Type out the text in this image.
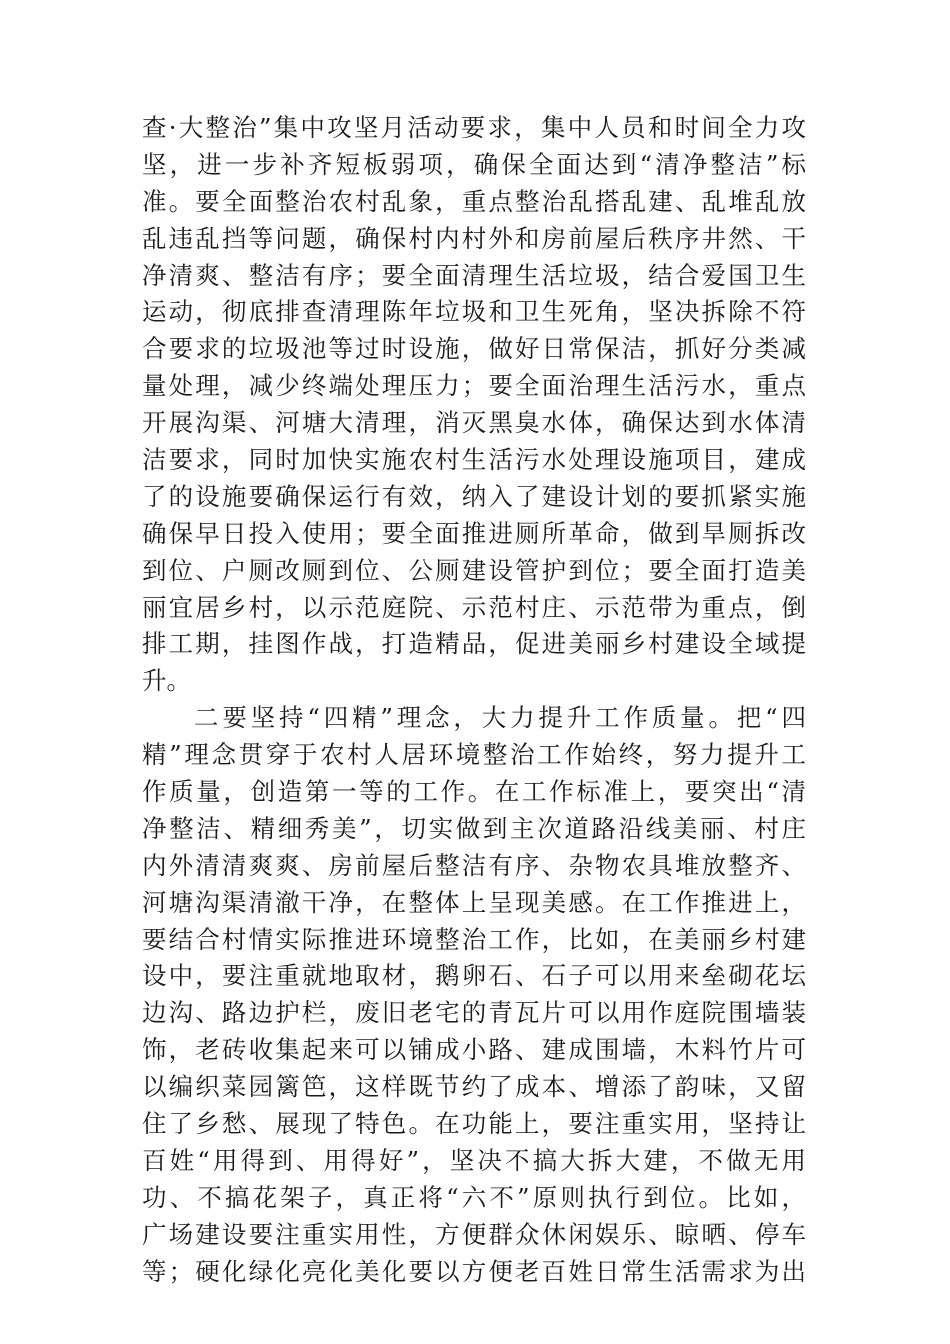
查·大整治”集中攻坚月活动要求，集中人员和时间全力攻
坚，进一步补齐短板弱项，确保全面达到“清净整洁”标
准。要全面整治农村乱象，重点整治乱搭乱建、乱堆乱放
乱违乱挡等问题，确保村内村外和房前屋后秩序井然、干
净清爽、整洁有序；要全面清理生活垃圾，结合爱国卫生
运动，彻底排查清理陈年垃圾和卫生死角，坚决拆除不符
合要求的垃圾池等过时设施，做好日常保洁，抓好分类减
量处理，减少终端处理压力；要全面治理生活污水，重点
开展沟渠、河塘大清理，消灭黑臭水体，确保达到水体清
洁要求，同时加快实施农村生活污水处理设施项目，建成
了的设施要确保运行有效，纳入了建设计划的要抓紧实施
确保早日投入使用；要全面推进厕所革命，做到旱厕拆改
到位、户厕改厕到位、公厕建设管护到位；要全面打造美
丽宜居乡村，以示范庭院、示范村庄、示范带为重点，倒
排工期，挂图作战，打造精品，促进美丽乡村建设全域提
升。
二要坚持“四精”理念，大力提升工作质量。把“四
精”理念贯穿于农村人居环境整治工作始终，努力提升工
作质量，创造第一等的工作。在工作标准上，要突出“清
净整洁、精细秀美”，切实做到主次道路沿线美丽、村庄
内外清清爽爽、房前屋后整洁有序、杂物农具堆放整齐、
河塘沟渠清澈干净，在整体上呈现美感。在工作推进上，
要结合村情实际推进环境整治工作，比如，在美丽乡村建
设中，要注重就地取材，鹅卵石、石子可以用来垒砌花坛
边沟、路边护栏，废旧老宅的青瓦片可以用作庭院围墙装
饰，老砖收集起来可以铺成小路、建成围墙，木料竹片可
以编织菜园篱笆，这样既节约了成本、增添了韵味，又留
住了乡愁、展现了特色。在功能上，要注重实用，坚持让
百姓“用得到、用得好”，坚决不搞大拆大建，不做无用
功、不搞花架子，真正将“六不”原则执行到位。比如，
广场建设要注重实用性，方便群众休闲娱乐、晾晒、停车
等；硬化绿化亮化美化要以方便老百姓日常生活需求为出
